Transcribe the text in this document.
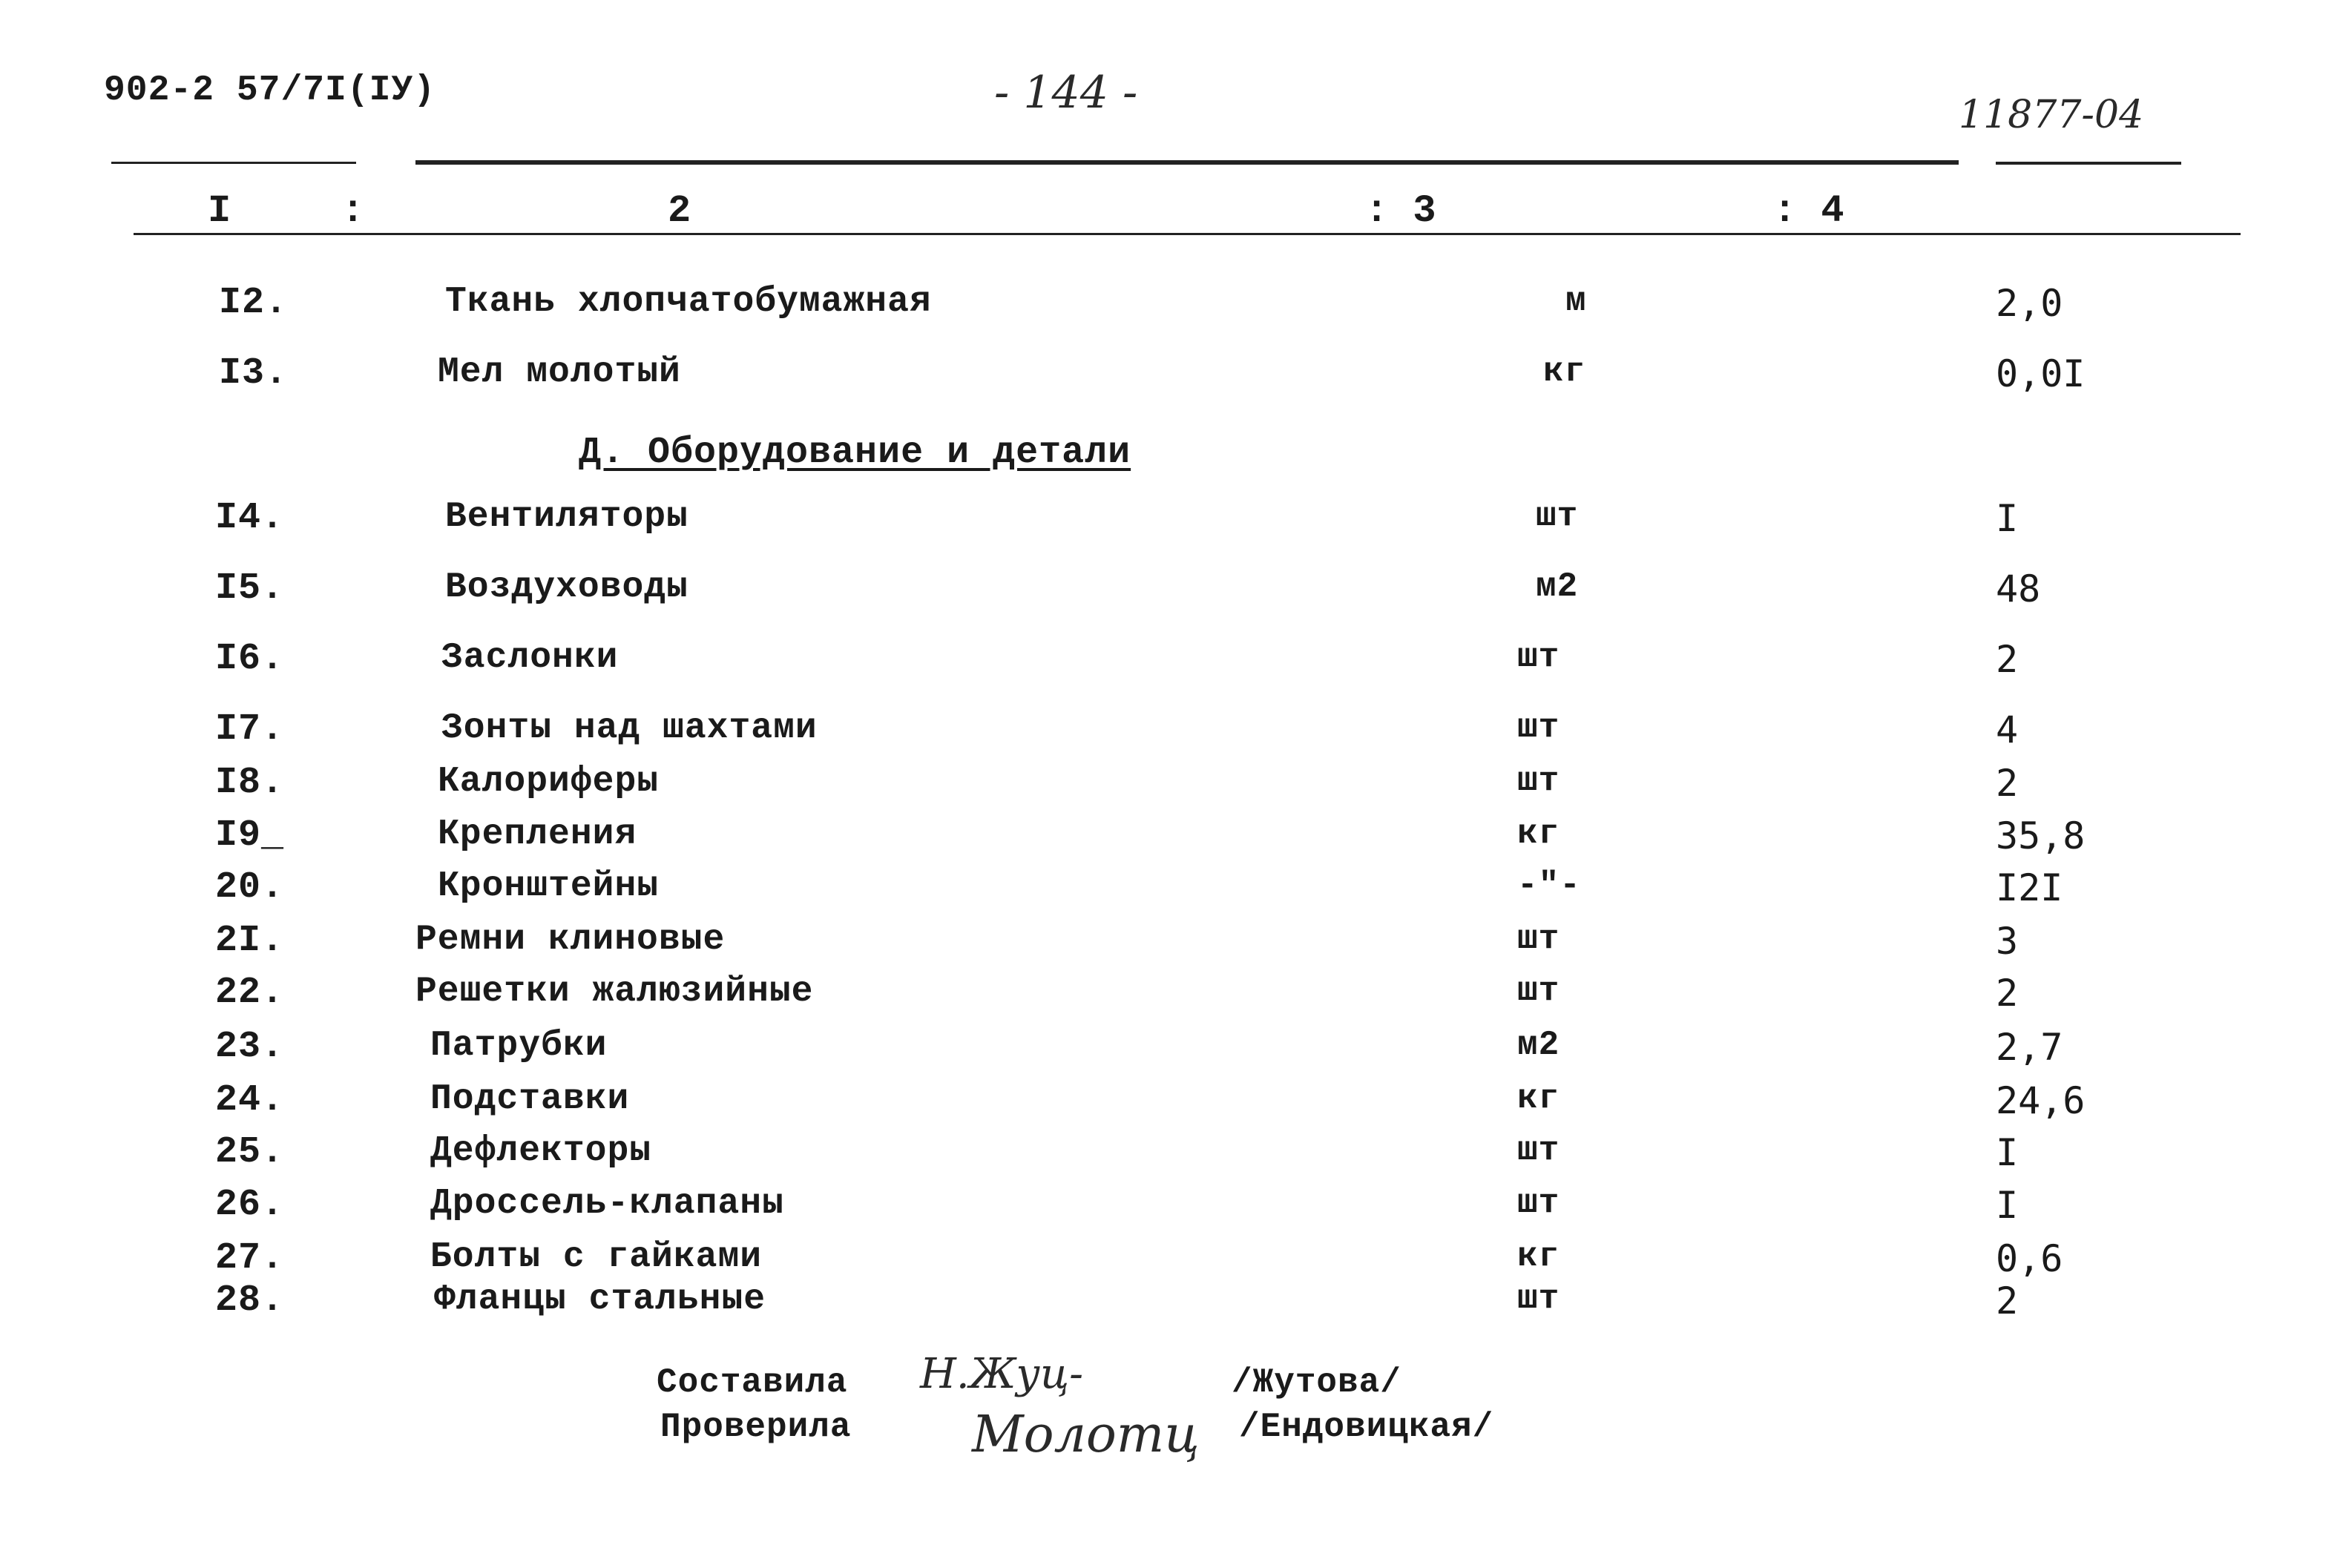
902-2 57/7I(IУ)	- 144 -	11877-04
I	:	2	: 3	: 4
I2.	Ткань хлопчатобумажная	м	2,0
I3.	Мел молотый	кг	0,0I
I4.	Вентиляторы	шт	I
I5.	Воздуховоды	м2	48
I6.	Заслонки	шт	2
I7.	Зонты над шахтами	шт	4
I8.	Калориферы	шт	2
I9_	Крепления	кг	35,8
20.	Кронштейны	-"-	I2I
2I.	Ремни клиновые	шт	3
22.	Решетки жалюзийные	шт	2
23.	Патрубки	м2	2,7
24.	Подставки	кг	24,6
25.	Дефлекторы	шт	I
26.	Дроссель-клапаны	шт	I
27.	Болты с гайками	кг	0,6
28.	Фланцы стальные	шт	2
Д. Оборудование и детали
Составила Н.Жуц-	/Жутова/
Проверила Молотц /Ендовицкая/
